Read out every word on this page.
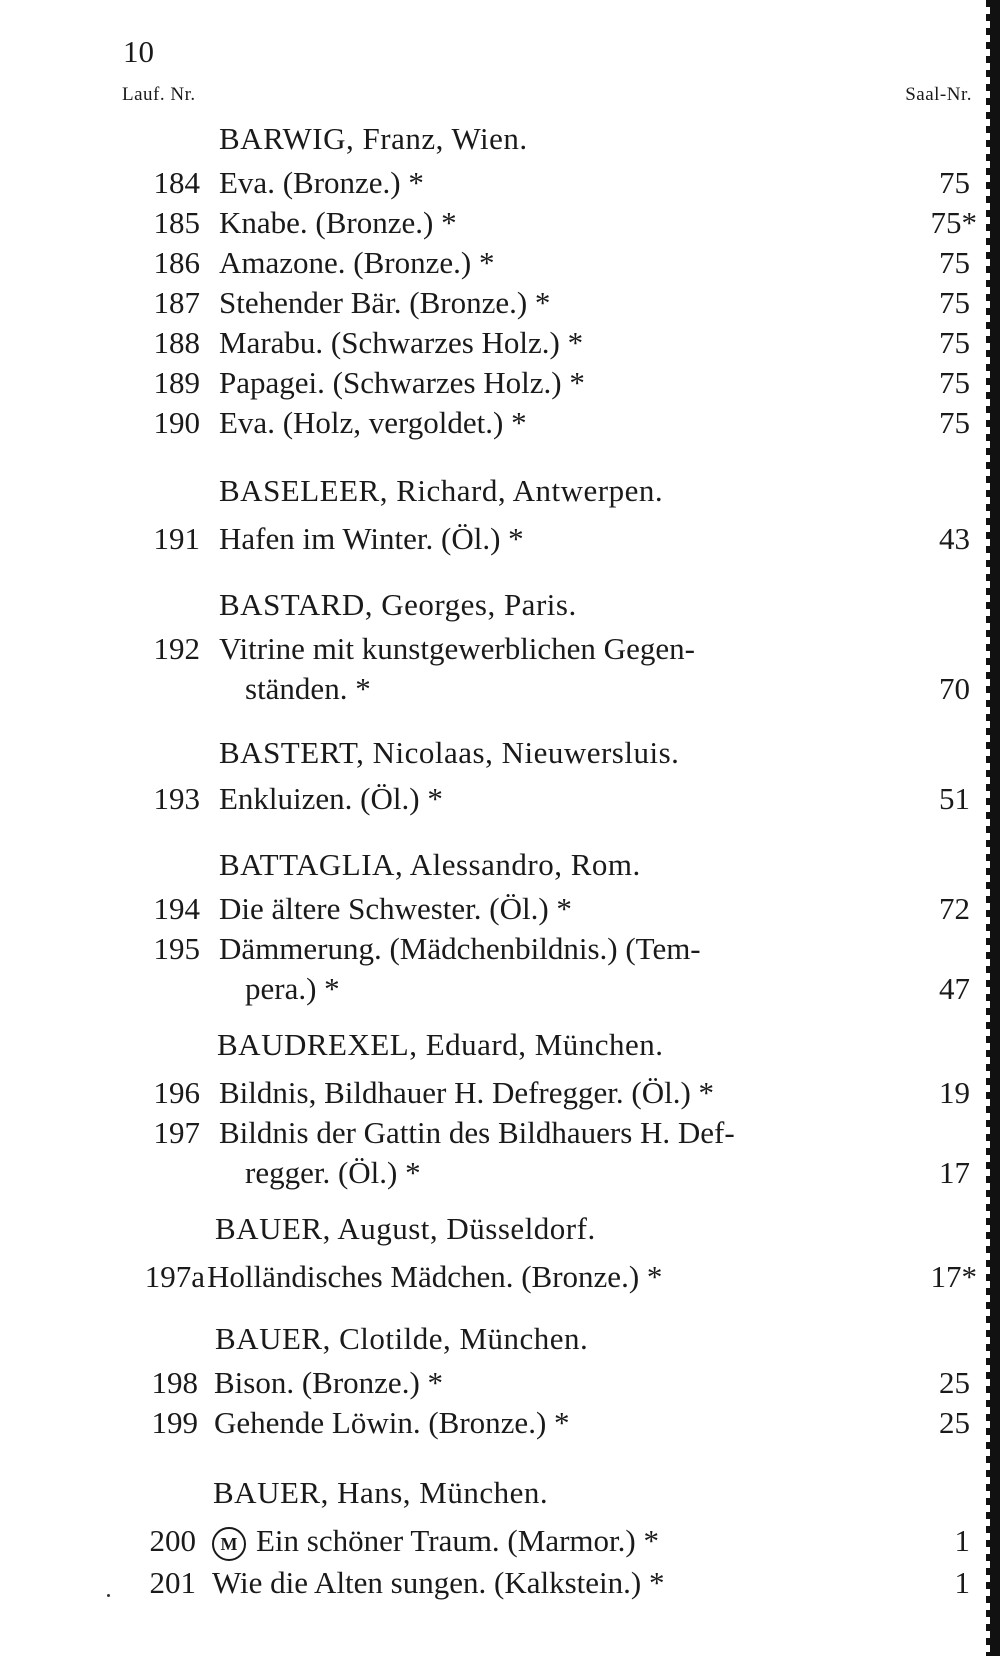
10
Lauf. Nr.	Saal-Nr.
BARWIG, Franz, Wien.
184 Eva. (Bronze.) *	75
185 Knabe. (Bronze.) *	75*
186 Amazone. (Bronze.) *	75
187 Stehender Bär. (Bronze.) *	75
188 Marabu. (Schwarzes Holz.) *	75
189 Papagei. (Schwarzes Holz.) *	75
190 Eva. (Holz, vergoldet.) *	75
BASELEER, Richard, Antwerpen.
191 Hafen im Winter. (Öl.) *	43
BASTARD, Georges, Paris.
192 Vitrine mit kunstgewerblichen Gegen-
ständen. *	70
BASTERT, Nicolaas, Nieuwersluis.
193 Enkluizen. (Öl.) *	51
BATTAGLIA, Alessandro, Rom.
194 Die ältere Schwester. (Öl.) *	72
195 Dämmerung. (Mädchenbildnis.) (Tem-
pera.) *	47
BAUDREXEL, Eduard, München.
196 Bildnis, Bildhauer H. Defregger. (Öl.) *	19
197 Bildnis der Gattin des Bildhauers H. Def-
regger. (Öl.) *	17
BAUER, August, Düsseldorf.
197a Holländisches Mädchen. (Bronze.) *	17*
BAUER, Clotilde, München.
198 Bison. (Bronze.) *	25
199 Gehende Löwin. (Bronze.) *	25
BAUER, Hans, München.
200	M Ein schöner Traum. (Marmor.) *	1
201 Wie die Alten sungen. (Kalkstein.) *	1
